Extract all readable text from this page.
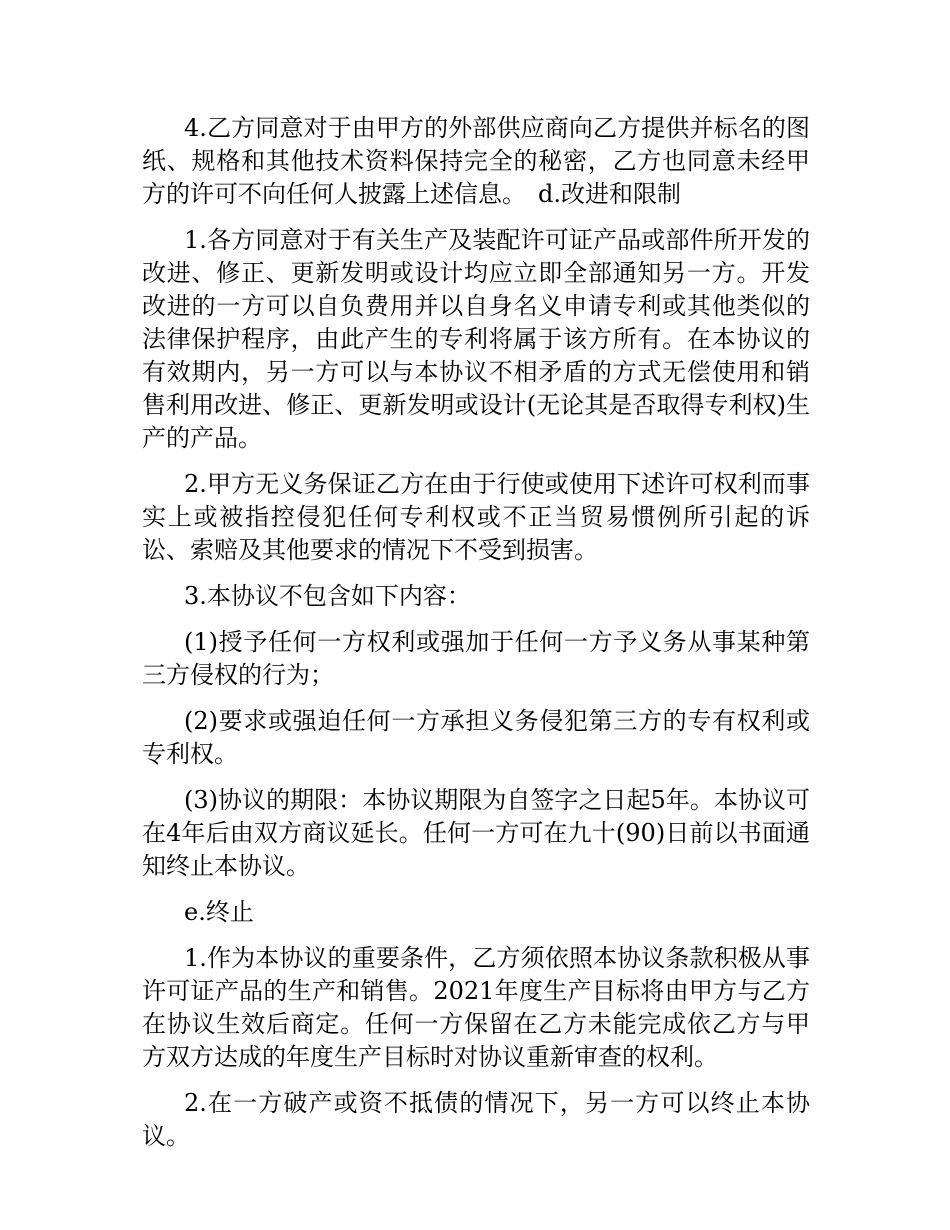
4.乙方同意对于由甲方的外部供应商向乙方提供并标名的图纸、规格和其他技术资料保持完全的秘密，乙方也同意未经甲方的许可不向任何人披露上述信息。　d.改进和限制

1.各方同意对于有关生产及装配许可证产品或部件所开发的改进、修正、更新发明或设计均应立即全部通知另一方。开发改进的一方可以自负费用并以自身名义申请专利或其他类似的法律保护程序，由此产生的专利将属于该方所有。在本协议的有效期内，另一方可以与本协议不相矛盾的方式无偿使用和销售利用改进、修正、更新发明或设计(无论其是否取得专利权)生产的产品。

2.甲方无义务保证乙方在由于行使或使用下述许可权利而事实上或被指控侵犯任何专利权或不正当贸易惯例所引起的诉讼、索赔及其他要求的情况下不受到损害。

3.本协议不包含如下内容：

(1)授予任何一方权利或强加于任何一方予义务从事某种第三方侵权的行为；

(2)要求或强迫任何一方承担义务侵犯第三方的专有权利或专利权。

(3)协议的期限：本协议期限为自签字之日起5年。本协议可在4年后由双方商议延长。任何一方可在九十(90)日前以书面通知终止本协议。

e.终止

1.作为本协议的重要条件，乙方须依照本协议条款积极从事许可证产品的生产和销售。2021年度生产目标将由甲方与乙方在协议生效后商定。任何一方保留在乙方未能完成依乙方与甲方双方达成的年度生产目标时对协议重新审查的权利。

2.在一方破产或资不抵债的情况下，另一方可以终止本协议。
